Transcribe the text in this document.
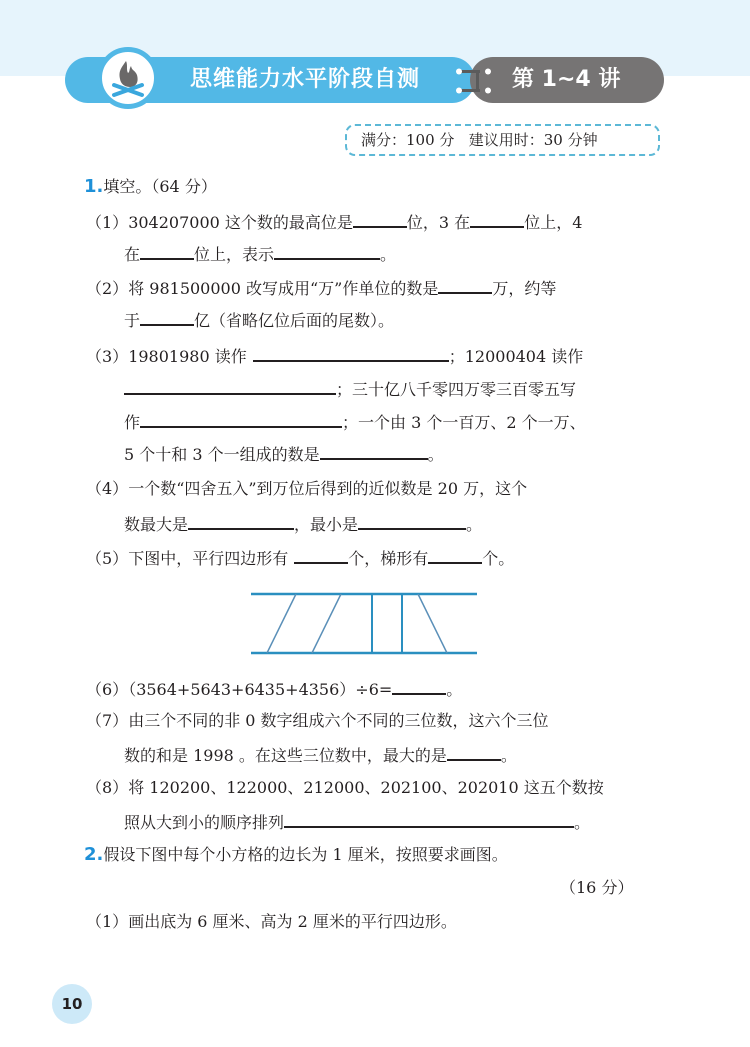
思维能力水平阶段自测	第 1~4 讲
满分：100 分 建议用时：30 分钟
1.填空。（64 分）
（1）304207000 这个数的最高位是	位，3 在	位上，4
在	位上，表示	。
（2）将 981500000 改写成用“万”作单位的数是	万，约等
于	亿（省略亿位后面的尾数）。
（3）19801980 读作	；12000404 读作
；三十亿八千零四万零三百零五写
作	；一个由 3 个一百万、2 个一万、
5 个十和 3 个一组成的数是	。
（4）一个数“四舍五入”到万位后得到的近似数是 20 万，这个
数最大是	，最小是	。
（5）下图中，平行四边形有	个，梯形有	个。
（6）（3564+5643+6435+4356）÷6=	。
（7）由三个不同的非 0 数字组成六个不同的三位数，这六个三位
数的和是 1998 。在这些三位数中，最大的是	。
（8）将 120200、122000、212000、202100、202010 这五个数按
照从大到小的顺序排列	。
2.假设下图中每个小方格的边长为 1 厘米，按照要求画图。
（16 分）
（1）画出底为 6 厘米、高为 2 厘米的平行四边形。
10
